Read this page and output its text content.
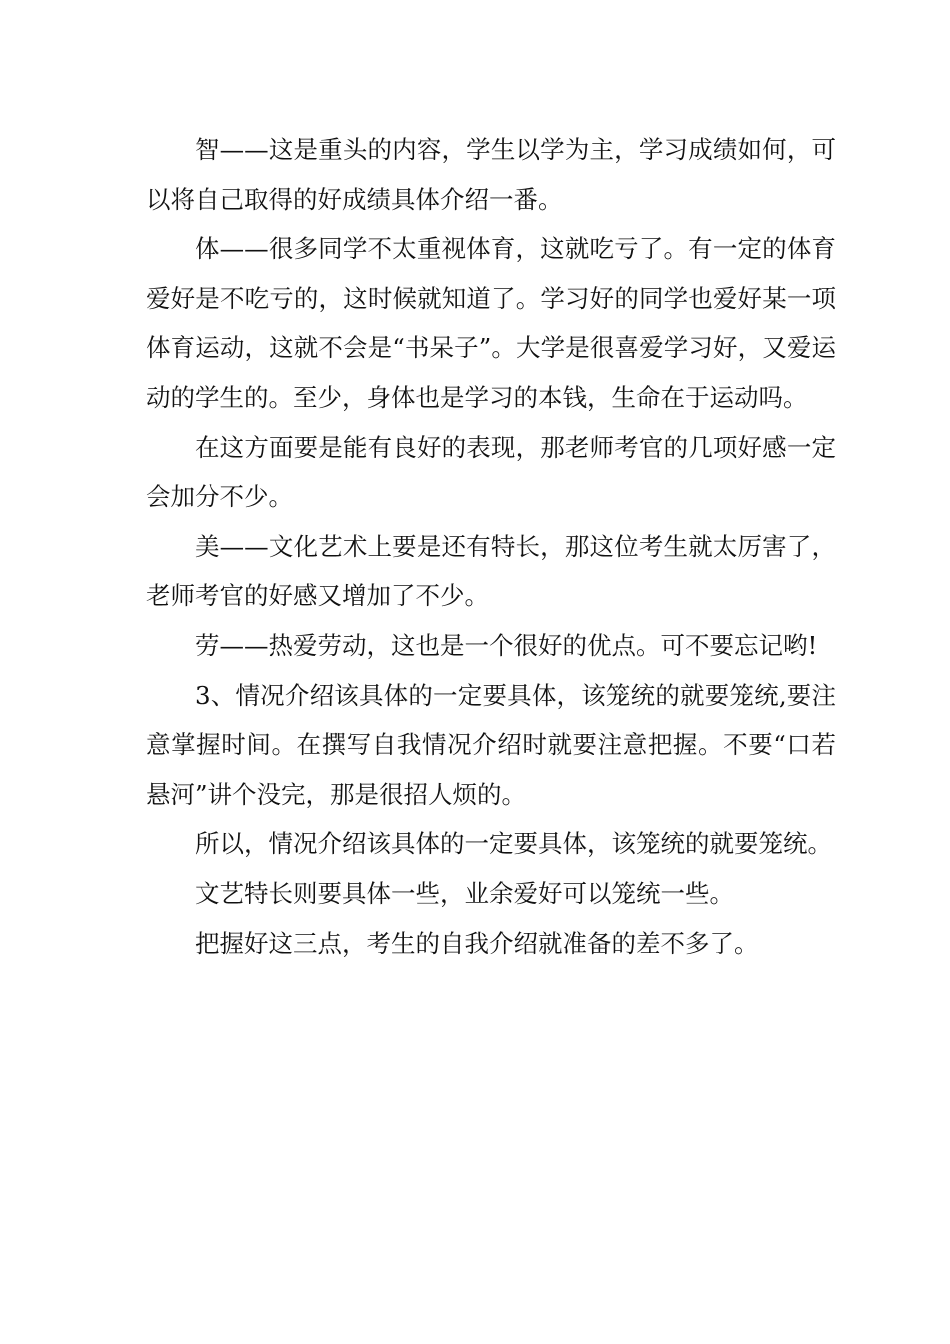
智——这是重头的内容，学生以学为主，学习成绩如何，可以将自己取得的好成绩具体介绍一番。

体——很多同学不太重视体育，这就吃亏了。有一定的体育爱好是不吃亏的，这时候就知道了。学习好的同学也爱好某一项体育运动，这就不会是“书呆子”。大学是很喜爱学习好，又爱运动的学生的。至少，身体也是学习的本钱，生命在于运动吗。

在这方面要是能有良好的表现，那老师考官的几项好感一定会加分不少。

美——文化艺术上要是还有特长，那这位考生就太厉害了，老师考官的好感又增加了不少。

劳——热爱劳动，这也是一个很好的优点。可不要忘记哟!

3、情况介绍该具体的一定要具体，该笼统的就要笼统,要注意掌握时间。在撰写自我情况介绍时就要注意把握。不要“口若悬河”讲个没完，那是很招人烦的。

所以，情况介绍该具体的一定要具体，该笼统的就要笼统。

文艺特长则要具体一些，业余爱好可以笼统一些。

把握好这三点，考生的自我介绍就准备的差不多了。
